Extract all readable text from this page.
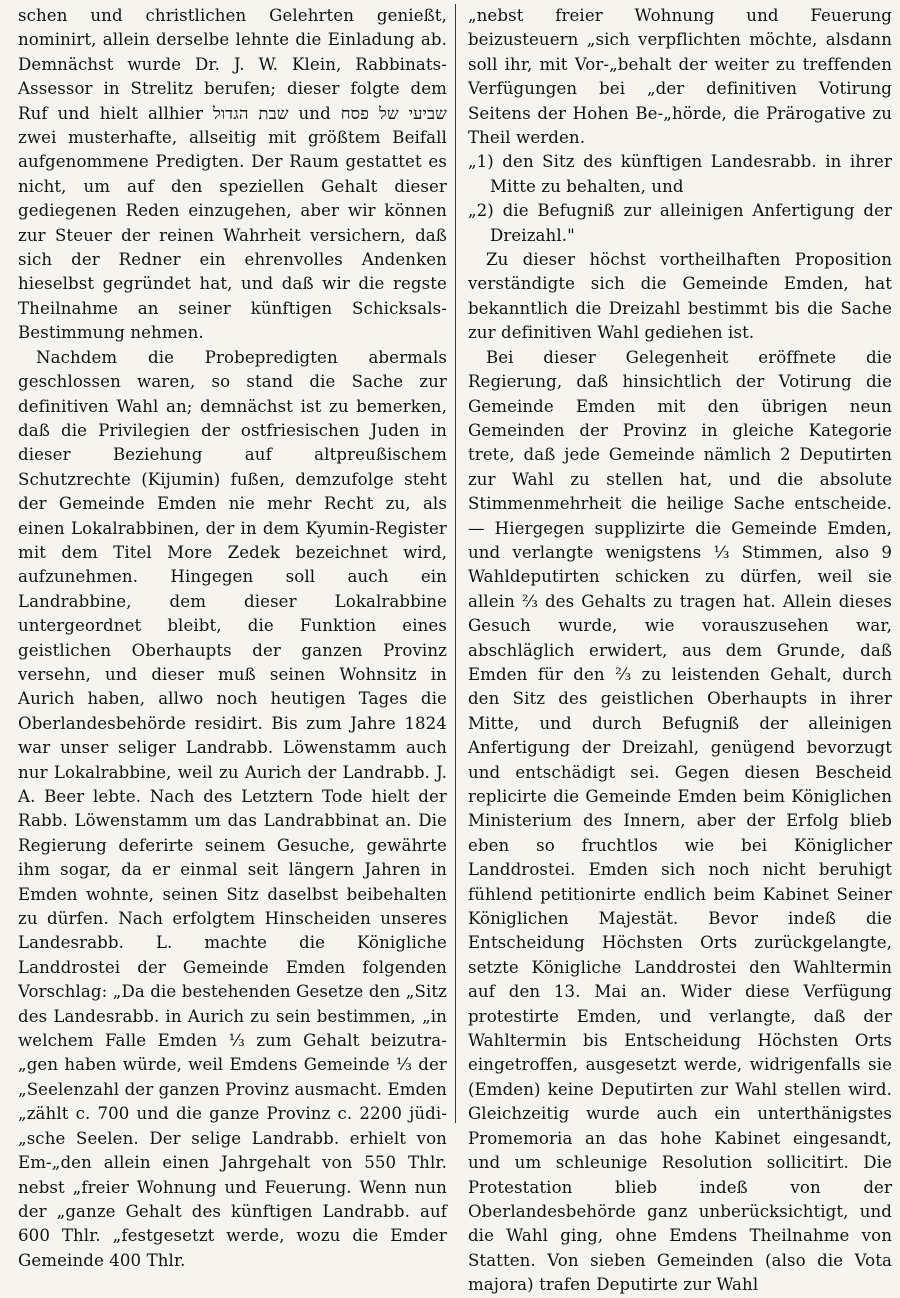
schen und christlichen Gelehrten genießt, nominirt, allein derselbe lehnte die Einladung ab. Demnächst wurde Dr. J. W. Klein, Rabbinats-Assessor in Strelitz berufen; dieser folgte dem Ruf und hielt allhier שבת הגדול und שביעי של פסח zwei musterhafte, allseitig mit größtem Beifall aufgenommene Predigten. Der Raum gestattet es nicht, um auf den speziellen Gehalt dieser gediegenen Reden einzugehen, aber wir können zur Steuer der reinen Wahrheit versichern, daß sich der Redner ein ehrenvolles Andenken hieselbst gegründet hat, und daß wir die regste Theilnahme an seiner künftigen Schicksals-Bestimmung nehmen.

Nachdem die Probepredigten abermals geschlossen waren, so stand die Sache zur definitiven Wahl an; demnächst ist zu bemerken, daß die Privilegien der ostfriesischen Juden in dieser Beziehung auf altpreußischem Schutzrechte (Kijumin) fußen, demzufolge steht der Gemeinde Emden nie mehr Recht zu, als einen Lokalrabbinen, der in dem Kyumin-Register mit dem Titel More Zedek bezeichnet wird, aufzunehmen. Hingegen soll auch ein Landrabbine, dem dieser Lokalrabbine untergeordnet bleibt, die Funktion eines geistlichen Oberhaupts der ganzen Provinz versehn, und dieser muß seinen Wohnsitz in Aurich haben, allwo noch heutigen Tages die Oberlandesbehörde residirt. Bis zum Jahre 1824 war unser seliger Landrabb. Löwenstamm auch nur Lokalrabbine, weil zu Aurich der Landrabb. J. A. Beer lebte. Nach des Letztern Tode hielt der Rabb. Löwenstamm um das Landrabbinat an. Die Regierung deferirte seinem Gesuche, gewährte ihm sogar, da er einmal seit längern Jahren in Emden wohnte, seinen Sitz daselbst beibehalten zu dürfen. Nach erfolgtem Hinscheiden unseres Landesrabb. L. machte die Königliche Landdrostei der Gemeinde Emden folgenden Vorschlag: „Da die bestehenden Gesetze den „Sitz des Landesrabb. in Aurich zu sein bestimmen, „in welchem Falle Emden ⅓ zum Gehalt beizutra-„gen haben würde, weil Emdens Gemeinde ⅓ der „Seelenzahl der ganzen Provinz ausmacht. Emden „zählt c. 700 und die ganze Provinz c. 2200 jüdi-„sche Seelen. Der selige Landrabb. erhielt von Em-„den allein einen Jahrgehalt von 550 Thlr. nebst „freier Wohnung und Feuerung. Wenn nun der „ganze Gehalt des künftigen Landrabb. auf 600 Thlr. „festgesetzt werde, wozu die Emder Gemeinde 400 Thlr.

„nebst freier Wohnung und Feuerung beizusteuern „sich verpflichten möchte, alsdann soll ihr, mit Vor-„behalt der weiter zu treffenden Verfügungen bei „der definitiven Votirung Seitens der Hohen Be-„hörde, die Prärogative zu Theil werden.

„1) den Sitz des künftigen Landesrabb. in ihrer Mitte zu behalten, und

„2) die Befugniß zur alleinigen Anfertigung der Dreizahl."

Zu dieser höchst vortheilhaften Proposition verständigte sich die Gemeinde Emden, hat bekanntlich die Dreizahl bestimmt bis die Sache zur definitiven Wahl gediehen ist.

Bei dieser Gelegenheit eröffnete die Regierung, daß hinsichtlich der Votirung die Gemeinde Emden mit den übrigen neun Gemeinden der Provinz in gleiche Kategorie trete, daß jede Gemeinde nämlich 2 Deputirten zur Wahl zu stellen hat, und die absolute Stimmenmehrheit die heilige Sache entscheide.— Hiergegen supplizirte die Gemeinde Emden, und verlangte wenigstens ⅓ Stimmen, also 9 Wahldeputirten schicken zu dürfen, weil sie allein ⅔ des Gehalts zu tragen hat. Allein dieses Gesuch wurde, wie vorauszusehen war, abschläglich erwidert, aus dem Grunde, daß Emden für den ⅔ zu leistenden Gehalt, durch den Sitz des geistlichen Oberhaupts in ihrer Mitte, und durch Befugniß der alleinigen Anfertigung der Dreizahl, genügend bevorzugt und entschädigt sei. Gegen diesen Bescheid replicirte die Gemeinde Emden beim Königlichen Ministerium des Innern, aber der Erfolg blieb eben so fruchtlos wie bei Königlicher Landdrostei. Emden sich noch nicht beruhigt fühlend petitionirte endlich beim Kabinet Seiner Königlichen Majestät. Bevor indeß die Entscheidung Höchsten Orts zurückgelangte, setzte Königliche Landdrostei den Wahltermin auf den 13. Mai an. Wider diese Verfügung protestirte Emden, und verlangte, daß der Wahltermin bis Entscheidung Höchsten Orts eingetroffen, ausgesetzt werde, widrigenfalls sie (Emden) keine Deputirten zur Wahl stellen wird. Gleichzeitig wurde auch ein unterthänigstes Promemoria an das hohe Kabinet eingesandt, und um schleunige Resolution sollicitirt. Die Protestation blieb indeß von der Oberlandesbehörde ganz unberücksichtigt, und die Wahl ging, ohne Emdens Theilnahme von Statten. Von sieben Gemeinden (also die Vota majora) trafen Deputirte zur Wahl
